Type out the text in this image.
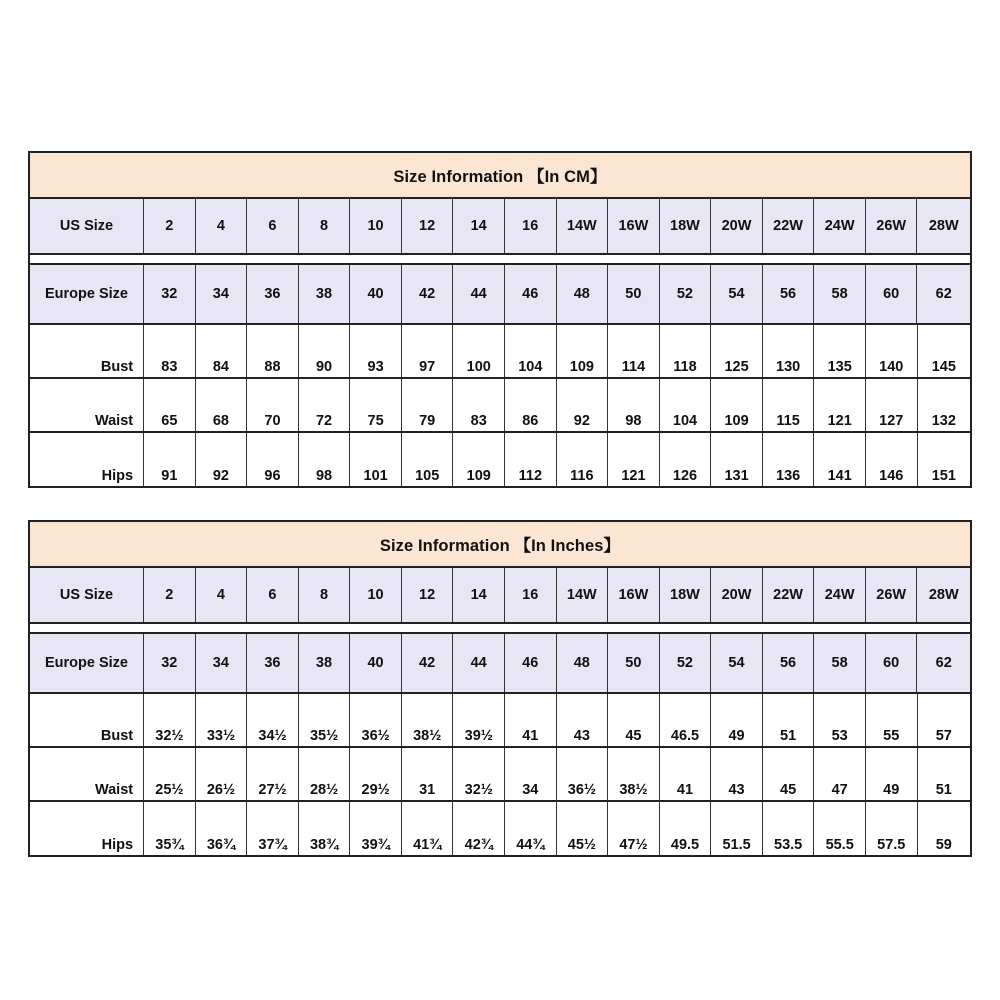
Size Information 【In CM】
US Size	2	4	6	8	10	12	14	16	14W	16W	18W	20W	22W	24W	26W	28W
Europe Size	32	34	36	38	40	42	44	46	48	50	52	54	56	58	60	62
Bust	83	84	88	90	93	97	100	104	109	114	118	125	130	135	140	145
Waist	65	68	70	72	75	79	83	86	92	98	104	109	115	121	127	132
Hips	91	92	96	98	101	105	109	112	116	121	126	131	136	141	146	151
Size Information 【In Inches】
US Size	2	4	6	8	10	12	14	16	14W	16W	18W	20W	22W	24W	26W	28W
Europe Size	32	34	36	38	40	42	44	46	48	50	52	54	56	58	60	62
Bust	32½	33½	34½	35½	36½	38½	39½	41	43	45	46.5	49	51	53	55	57
Waist	25½	26½	27½	28½	29½	31	32½	34	36½	38½	41	43	45	47	49	51
Hips	35¾	36¾	37¾	38¾	39¾	41¾	42¾	44¾	45½	47½	49.5	51.5	53.5	55.5	57.5	59
